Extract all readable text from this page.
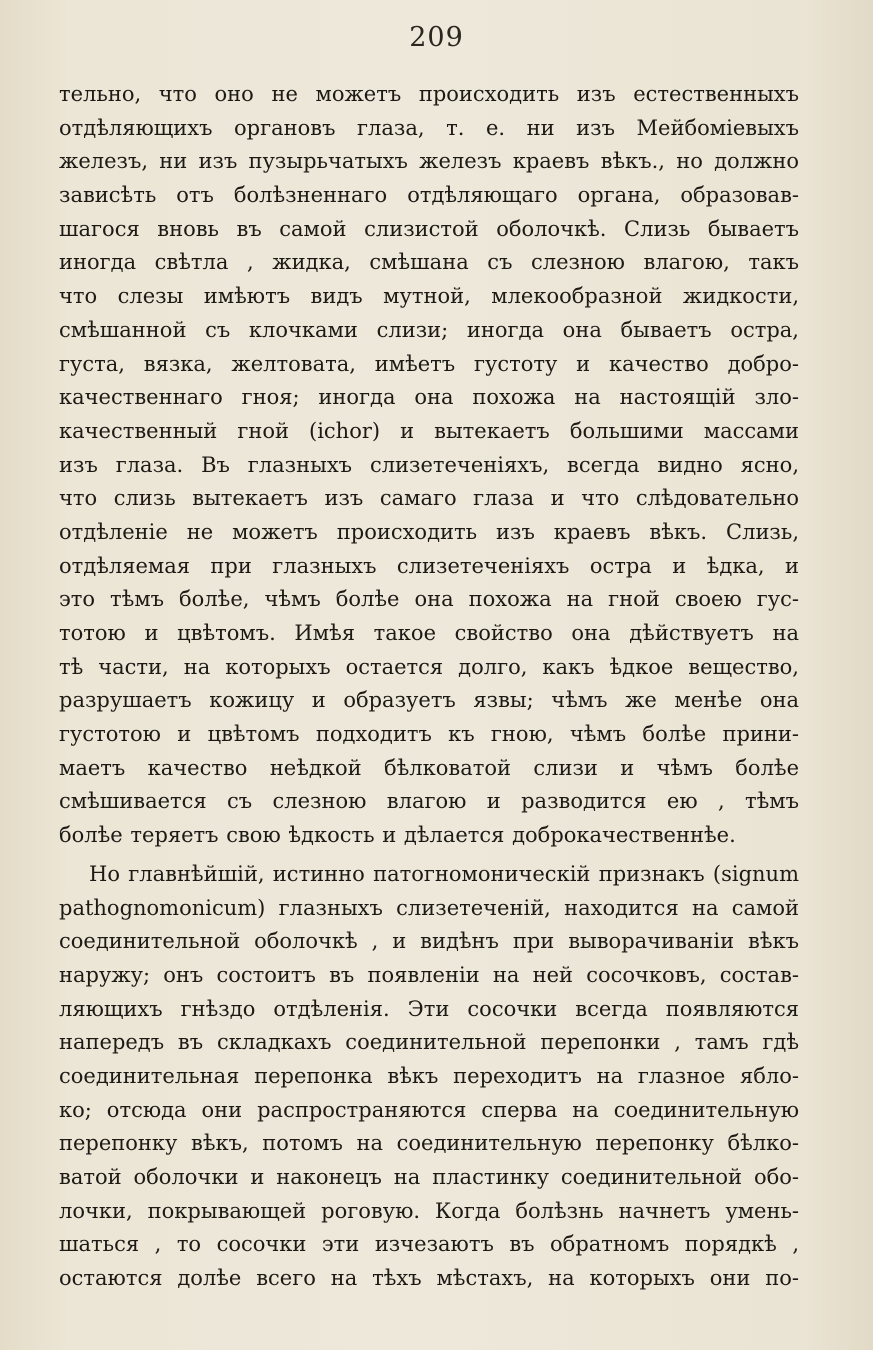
209
тельно, что оно не можетъ происходить изъ естественныхъ
отдѣляющихъ органовъ глаза, т. е. ни изъ Мейбоміевыхъ
железъ, ни изъ пузырьчатыхъ железъ краевъ вѣкъ., но должно
зависѣть отъ болѣзненнаго отдѣляющаго органа, образовав-
шагося вновь въ самой слизистой оболочкѣ. Слизь бываетъ
иногда свѣтла , жидка, смѣшана съ слезною влагою, такъ
что слезы имѣютъ видъ мутной, млекообразной жидкости,
смѣшанной съ клочками слизи; иногда она бываетъ остра,
густа, вязка, желтовата, имѣетъ густоту и качество добро-
качественнаго гноя; иногда она похожа на настоящій зло-
качественный гной (ichor) и вытекаетъ большими массами
изъ глаза. Въ глазныхъ слизетеченіяхъ, всегда видно ясно,
что слизь вытекаетъ изъ самаго глаза и что слѣдовательно
отдѣленіе не можетъ происходить изъ краевъ вѣкъ. Слизь,
отдѣляемая при глазныхъ слизетеченіяхъ остра и ѣдка, и
это тѣмъ болѣе, чѣмъ болѣе она похожа на гной своею гус-
тотою и цвѣтомъ. Имѣя такое свойство она дѣйствуетъ на
тѣ части, на которыхъ остается долго, какъ ѣдкое вещество,
разрушаетъ кожицу и образуетъ язвы; чѣмъ же менѣе она
густотою и цвѣтомъ подходитъ къ гною, чѣмъ болѣе прини-
маетъ качество неѣдкой бѣлковатой слизи и чѣмъ болѣе
смѣшивается съ слезною влагою и разводится ею , тѣмъ
болѣе теряетъ свою ѣдкость и дѣлается доброкачественнѣе.
Но главнѣйшій, истинно патогномоническій признакъ (signum
pathognomonicum) глазныхъ слизетеченій, находится на самой
соединительной оболочкѣ , и видѣнъ при выворачиваніи вѣкъ
наружу; онъ состоитъ въ появленіи на ней сосочковъ, состав-
ляющихъ гнѣздо отдѣленія. Эти сосочки всегда появляются
напередъ въ складкахъ соединительной перепонки , тамъ гдѣ
соединительная перепонка вѣкъ переходитъ на глазное яблo-
ко; отсюда они распространяются сперва на соединительную
перепонку вѣкъ, потомъ на соединительную перепонку бѣлко-
ватой оболочки и наконецъ на пластинку соединительной обо-
лочки, покрывающей роговую. Когда болѣзнь начнетъ умень-
шаться , то сосочки эти изчезаютъ въ обратномъ порядкѣ ,
остаются долѣе всего на тѣхъ мѣстахъ, на которыхъ они по-
